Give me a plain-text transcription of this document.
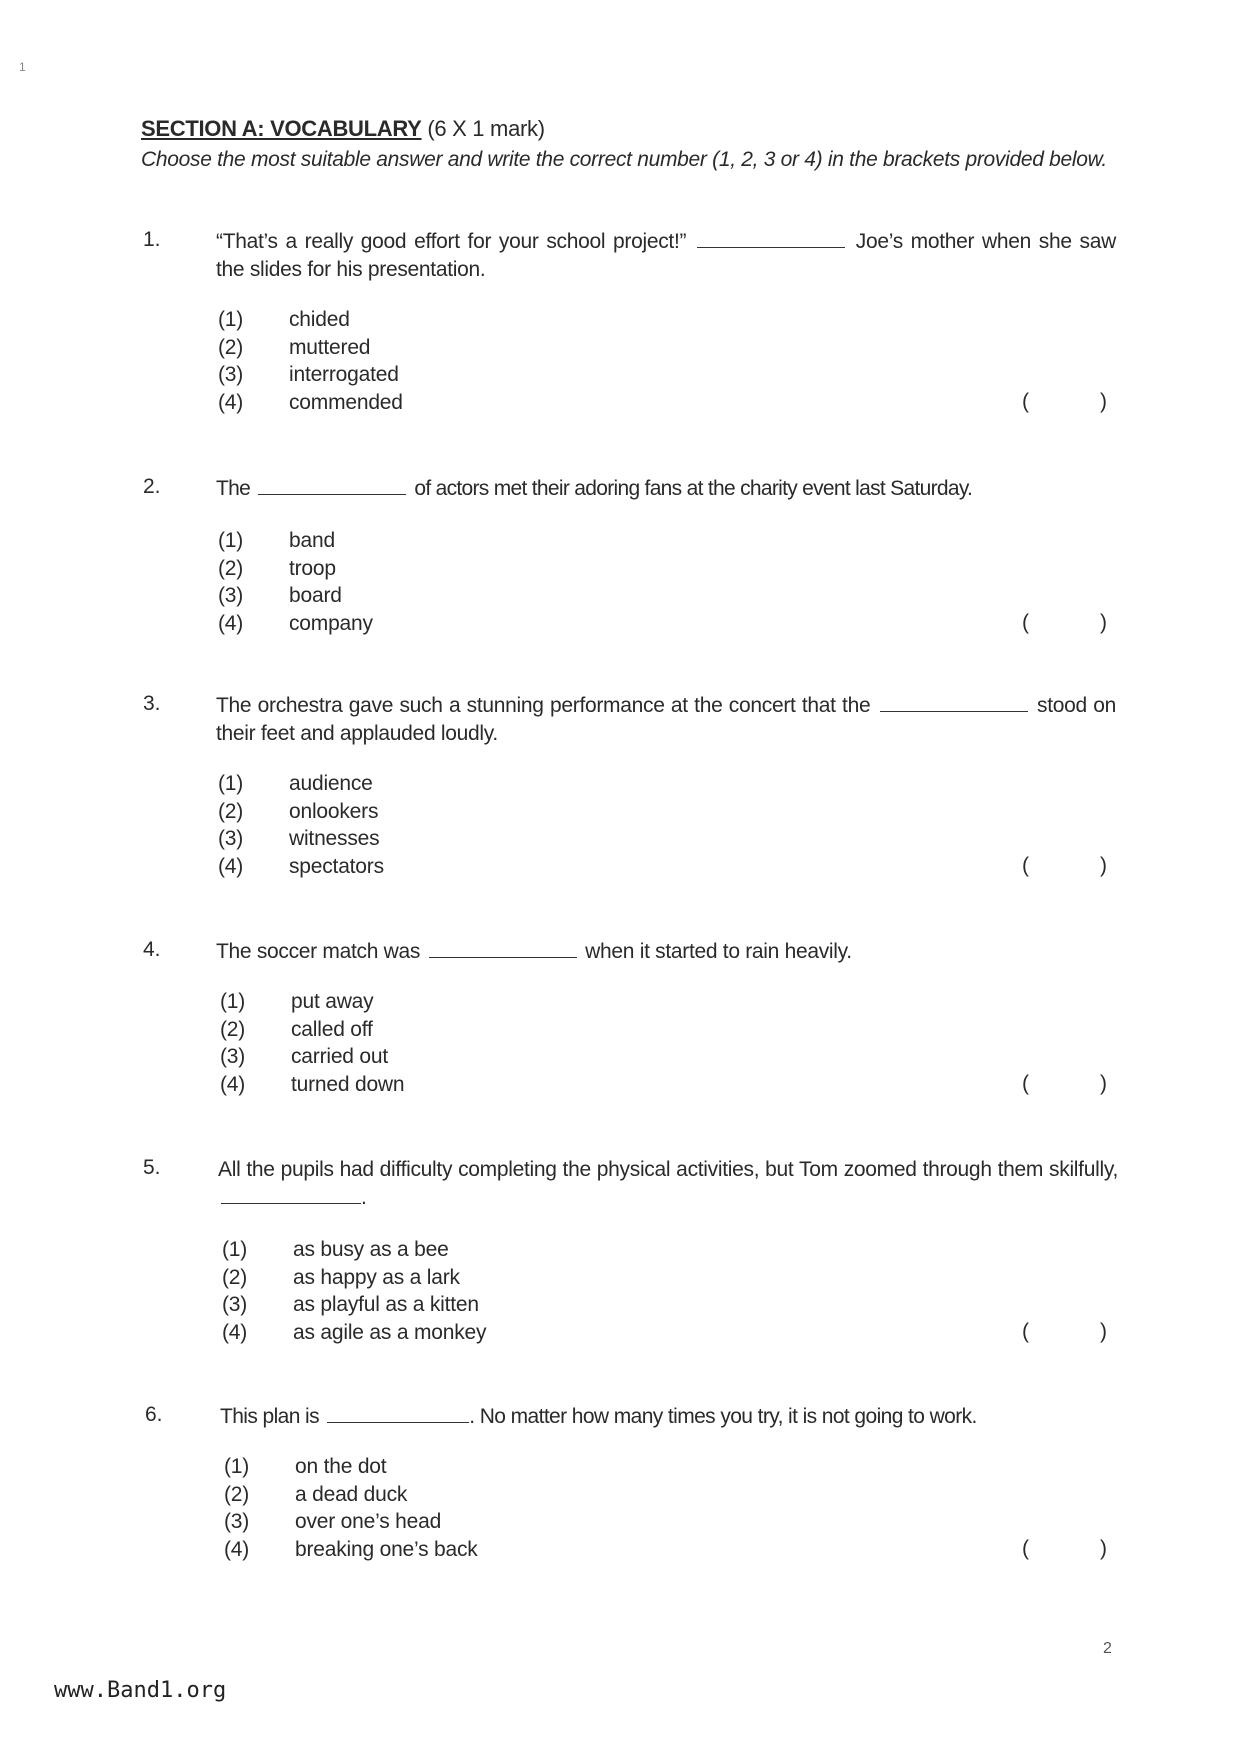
1
SECTION A: VOCABULARY (6 X 1 mark)
Choose the most suitable answer and write the correct number (1, 2, 3 or 4) in the brackets provided below.
1.	“That’s a really good effort for your school project!”	Joe’s mother when she saw the slides for his presentation.
(1)	chided
(2)	muttered
(3)	interrogated
(4)	commended	(	)
2.	The	of actors met their adoring fans at the charity event last Saturday.
(1)	band
(2)	troop
(3)	board
(4)	company	(	)
3.	The orchestra gave such a stunning performance at the concert that the	stood on their feet and applauded loudly.
(1)	audience
(2)	onlookers
(3)	witnesses
(4)	spectators	(	)
4.	The soccer match was	when it started to rain heavily.
(1)	put away
(2)	called off
(3)	carried out
(4)	turned down	(	)
5.	All the pupils had difficulty completing the physical activities, but Tom zoomed through them skilfully, .
(1)	as busy as a bee
(2)	as happy as a lark
(3)	as playful as a kitten
(4)	as agile as a monkey	(	)
6.	This plan is	. No matter how many times you try, it is not going to work.
(1)	on the dot
(2)	a dead duck
(3)	over one’s head
(4)	breaking one’s back	(	)
2
www.Band1.org
